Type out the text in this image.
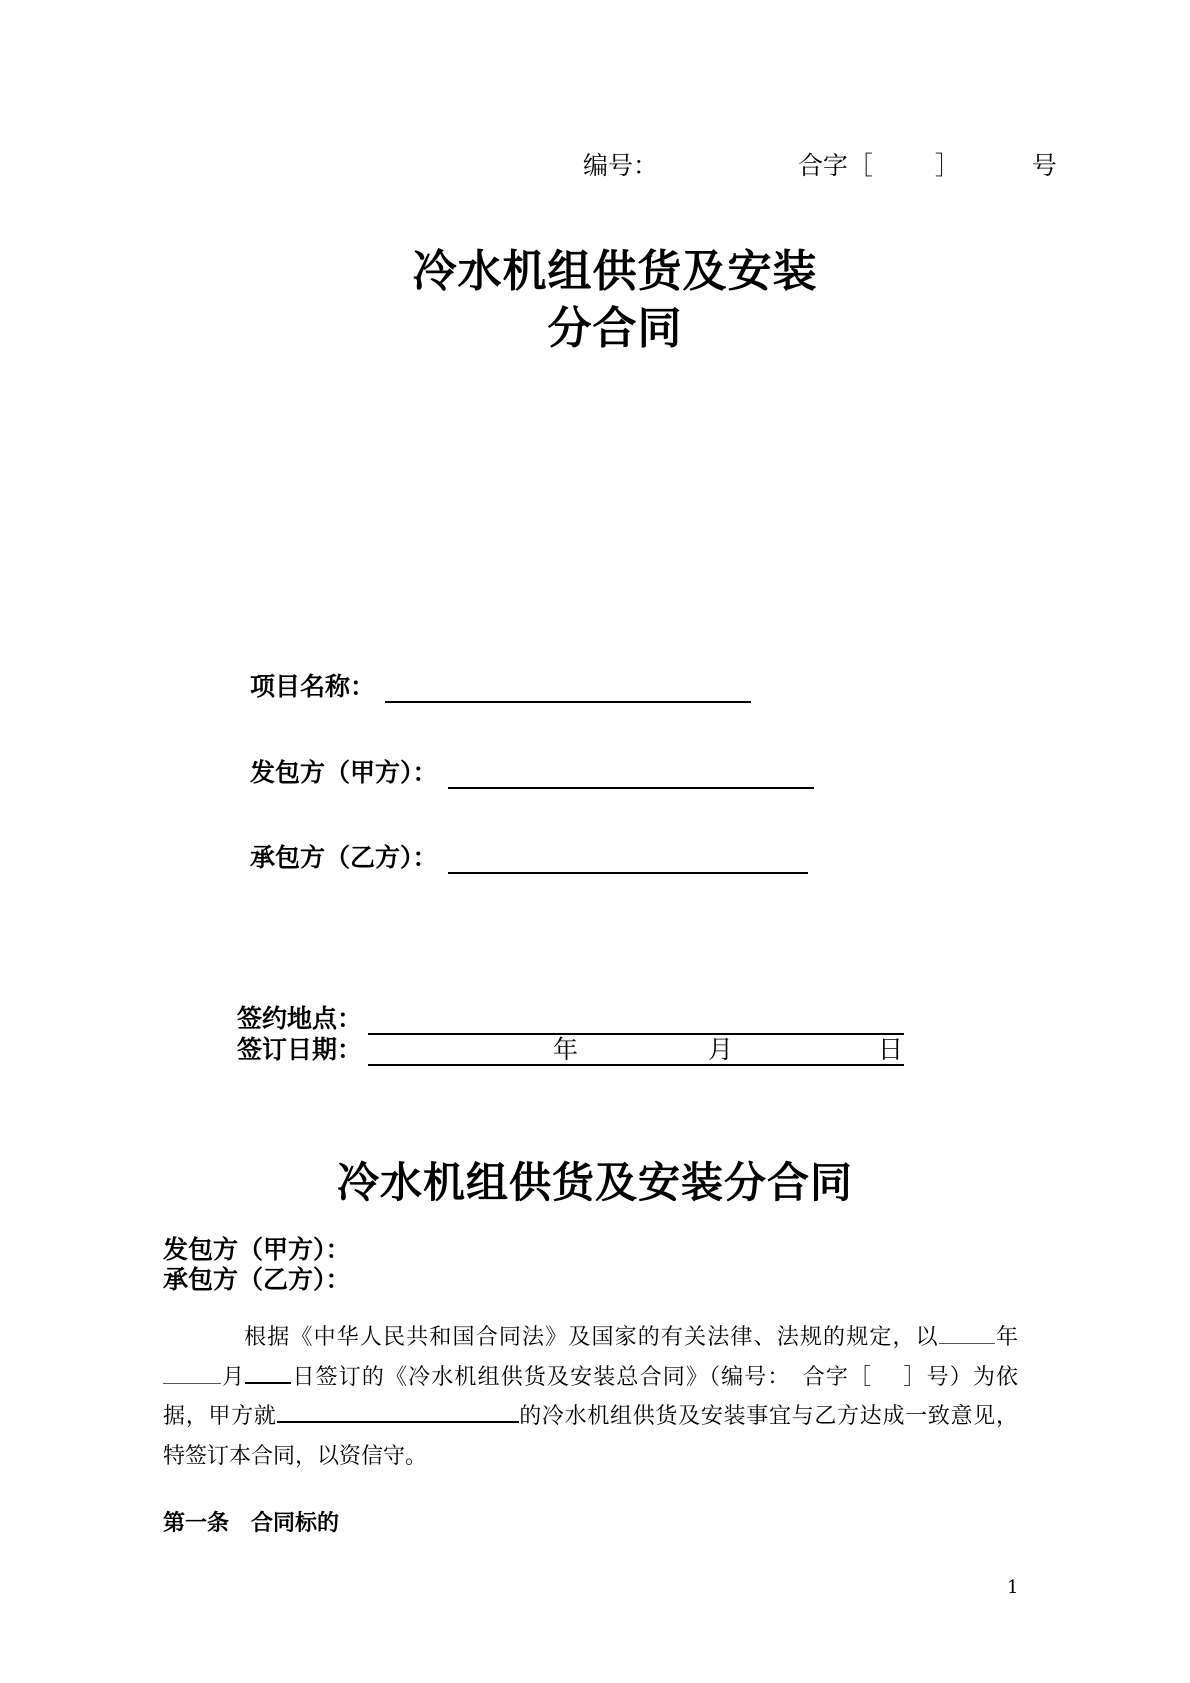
编号：	合字［ ］	号
冷水机组供货及安装
分合同
项目名称：
发包方（甲方）：
承包方（乙方）：
签约地点：
签订日期：	年	月	日
冷水机组供货及安装分合同
发包方（甲方）：
承包方（乙方）：
根据《中华人民共和国合同法》及国家的有关法律、法规的规定，以	年月 日签订的《冷水机组供货及安装总合同》（编号：　合字［　 ］号）为依据，甲方就	的冷水机组供货及安装事宜与乙方达成一致意见，特签订本合同，以资信守。
第一条　合同标的
1
